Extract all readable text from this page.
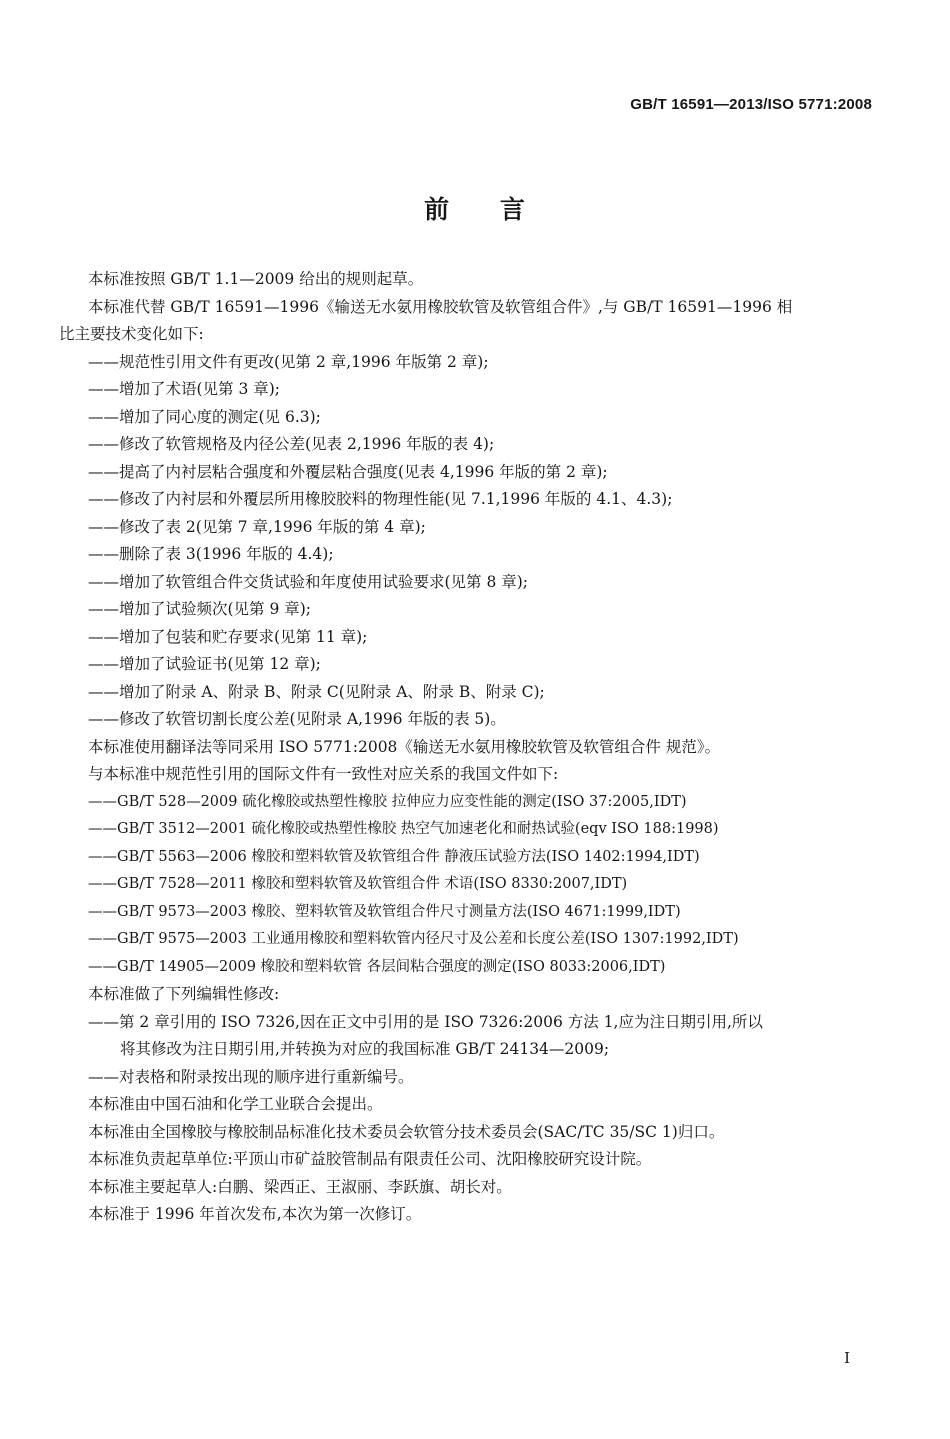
GB/T 16591—2013/ISO 5771:2008
前 言
本标准按照 GB/T 1.1—2009 给出的规则起草。
本标准代替 GB/T 16591—1996《输送无水氨用橡胶软管及软管组合件》,与 GB/T 16591—1996 相
比主要技术变化如下:
——规范性引用文件有更改(见第 2 章,1996 年版第 2 章);
——增加了术语(见第 3 章);
——增加了同心度的测定(见 6.3);
——修改了软管规格及内径公差(见表 2,1996 年版的表 4);
——提高了内衬层粘合强度和外覆层粘合强度(见表 4,1996 年版的第 2 章);
——修改了内衬层和外覆层所用橡胶胶料的物理性能(见 7.1,1996 年版的 4.1、4.3);
——修改了表 2(见第 7 章,1996 年版的第 4 章);
——删除了表 3(1996 年版的 4.4);
——增加了软管组合件交货试验和年度使用试验要求(见第 8 章);
——增加了试验频次(见第 9 章);
——增加了包装和贮存要求(见第 11 章);
——增加了试验证书(见第 12 章);
——增加了附录 A、附录 B、附录 C(见附录 A、附录 B、附录 C);
——修改了软管切割长度公差(见附录 A,1996 年版的表 5)。
本标准使用翻译法等同采用 ISO 5771:2008《输送无水氨用橡胶软管及软管组合件 规范》。
与本标准中规范性引用的国际文件有一致性对应关系的我国文件如下:
——GB/T 528—2009 硫化橡胶或热塑性橡胶 拉伸应力应变性能的测定(ISO 37:2005,IDT)
——GB/T 3512—2001 硫化橡胶或热塑性橡胶 热空气加速老化和耐热试验(eqv ISO 188:1998)
——GB/T 5563—2006 橡胶和塑料软管及软管组合件 静液压试验方法(ISO 1402:1994,IDT)
——GB/T 7528—2011 橡胶和塑料软管及软管组合件 术语(ISO 8330:2007,IDT)
——GB/T 9573—2003 橡胶、塑料软管及软管组合件尺寸测量方法(ISO 4671:1999,IDT)
——GB/T 9575—2003 工业通用橡胶和塑料软管内径尺寸及公差和长度公差(ISO 1307:1992,IDT)
——GB/T 14905—2009 橡胶和塑料软管 各层间粘合强度的测定(ISO 8033:2006,IDT)
本标准做了下列编辑性修改:
——第 2 章引用的 ISO 7326,因在正文中引用的是 ISO 7326:2006 方法 1,应为注日期引用,所以
将其修改为注日期引用,并转换为对应的我国标准 GB/T 24134—2009;
——对表格和附录按出现的顺序进行重新编号。
本标准由中国石油和化学工业联合会提出。
本标准由全国橡胶与橡胶制品标准化技术委员会软管分技术委员会(SAC/TC 35/SC 1)归口。
本标准负责起草单位:平顶山市矿益胶管制品有限责任公司、沈阳橡胶研究设计院。
本标准主要起草人:白鹏、梁西正、王淑丽、李跃旗、胡长对。
本标准于 1996 年首次发布,本次为第一次修订。
I
